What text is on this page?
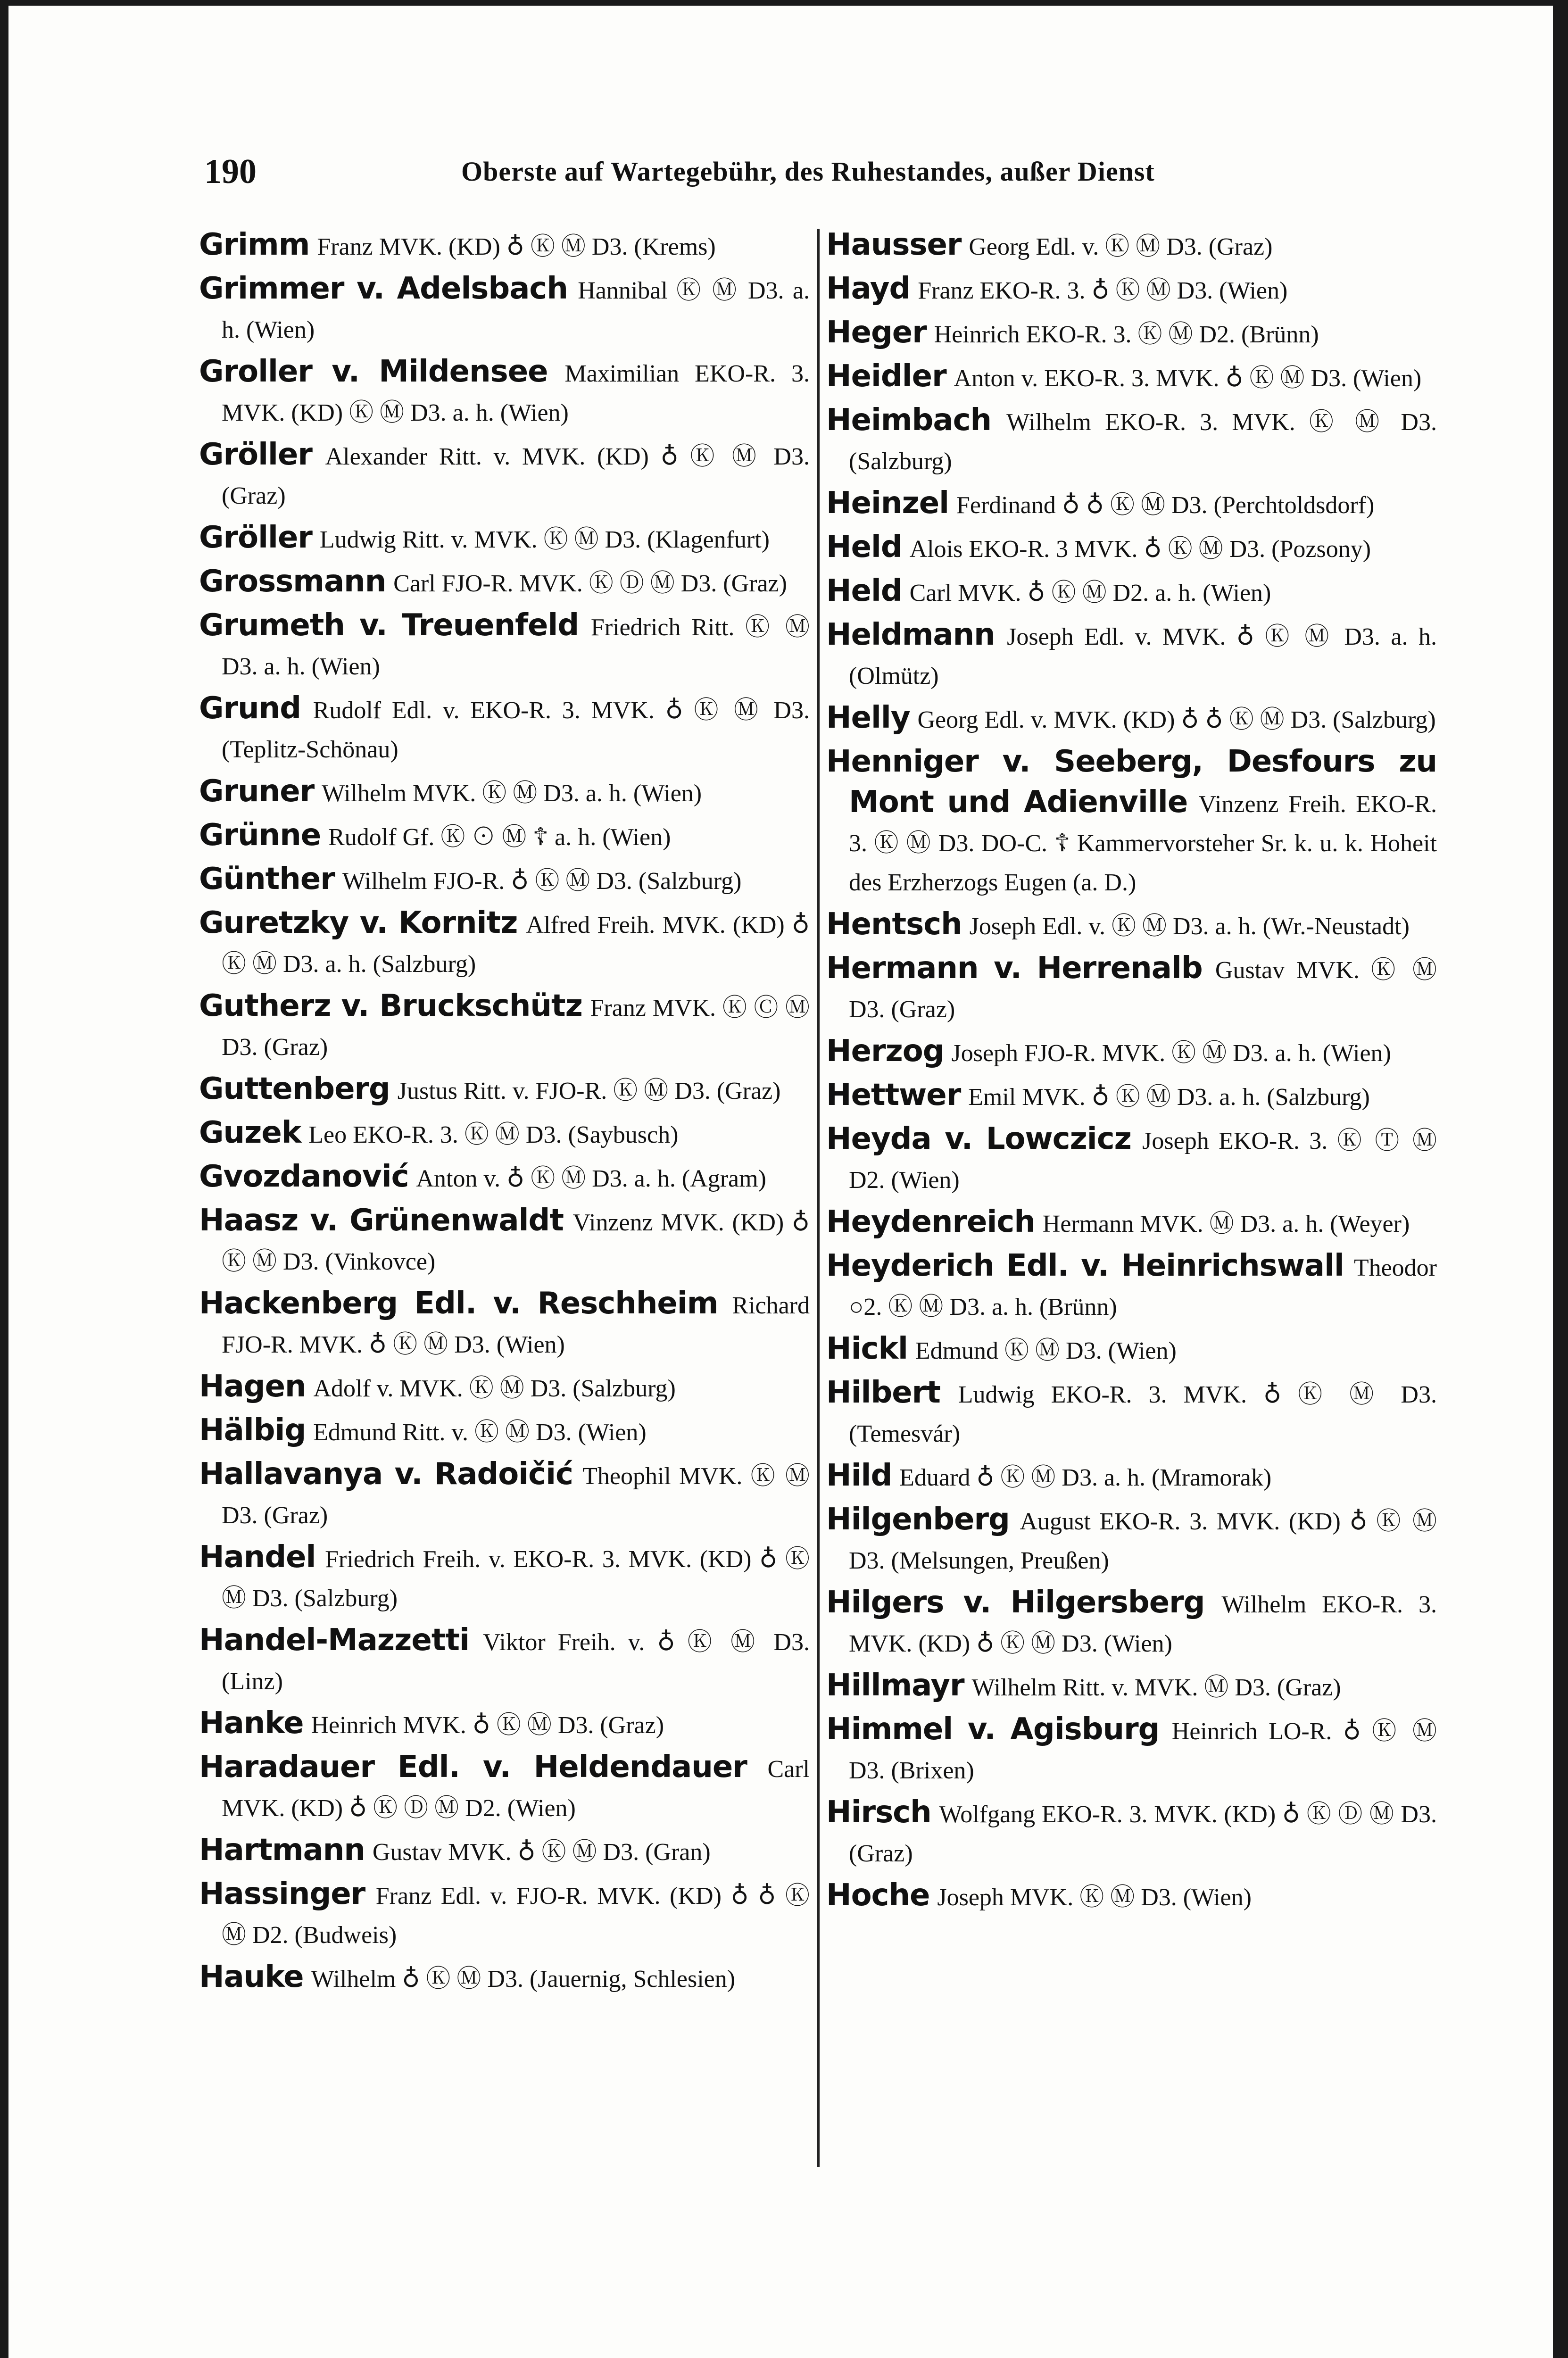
190	Oberste auf Wartegebühr, des Ruhestandes, außer Dienst
Grimm Franz MVK. (KD) ♁ Ⓚ Ⓜ D3. (Krems)
Grimmer v. Adelsbach Hannibal Ⓚ Ⓜ D3. a. h. (Wien)
Groller v. Mildensee Maximilian EKO-R. 3. MVK. (KD) Ⓚ Ⓜ D3. a. h. (Wien)
Gröller Alexander Ritt. v. MVK. (KD) ♁ Ⓚ Ⓜ D3. (Graz)
Gröller Ludwig Ritt. v. MVK. Ⓚ Ⓜ D3. (Klagenfurt)
Grossmann Carl FJO-R. MVK. Ⓚ Ⓓ Ⓜ D3. (Graz)
Grumeth v. Treuenfeld Friedrich Ritt. Ⓚ Ⓜ D3. a. h. (Wien)
Grund Rudolf Edl. v. EKO-R. 3. MVK. ♁ Ⓚ Ⓜ D3. (Teplitz-Schönau)
Gruner Wilhelm MVK. Ⓚ Ⓜ D3. a. h. (Wien)
Grünne Rudolf Gf. Ⓚ ⊙ Ⓜ ☦ a. h. (Wien)
Günther Wilhelm FJO-R. ♁ Ⓚ Ⓜ D3. (Salzburg)
Guretzky v. Kornitz Alfred Freih. MVK. (KD) ♁ Ⓚ Ⓜ D3. a. h. (Salzburg)
Gutherz v. Bruckschütz Franz MVK. Ⓚ Ⓒ Ⓜ D3. (Graz)
Guttenberg Justus Ritt. v. FJO-R. Ⓚ Ⓜ D3. (Graz)
Guzek Leo EKO-R. 3. Ⓚ Ⓜ D3. (Saybusch)
Gvozdanović Anton v. ♁ Ⓚ Ⓜ D3. a. h. (Agram)
Haasz v. Grünenwaldt Vinzenz MVK. (KD) ♁ Ⓚ Ⓜ D3. (Vinkovce)
Hackenberg Edl. v. Reschheim Richard FJO-R. MVK. ♁ Ⓚ Ⓜ D3. (Wien)
Hagen Adolf v. MVK. Ⓚ Ⓜ D3. (Salzburg)
Hälbig Edmund Ritt. v. Ⓚ Ⓜ D3. (Wien)
Hallavanya v. Radoičić Theophil MVK. Ⓚ Ⓜ D3. (Graz)
Handel Friedrich Freih. v. EKO-R. 3. MVK. (KD) ♁ Ⓚ Ⓜ D3. (Salzburg)
Handel-Mazzetti Viktor Freih. v. ♁ Ⓚ Ⓜ D3. (Linz)
Hanke Heinrich MVK. ♁ Ⓚ Ⓜ D3. (Graz)
Haradauer Edl. v. Heldendauer Carl MVK. (KD) ♁ Ⓚ Ⓓ Ⓜ D2. (Wien)
Hartmann Gustav MVK. ♁ Ⓚ Ⓜ D3. (Gran)
Hassinger Franz Edl. v. FJO-R. MVK. (KD) ♁ ♁ Ⓚ Ⓜ D2. (Budweis)
Hauke Wilhelm ♁ Ⓚ Ⓜ D3. (Jauernig, Schlesien)
Hausser Georg Edl. v. Ⓚ Ⓜ D3. (Graz)
Hayd Franz EKO-R. 3. ♁ Ⓚ Ⓜ D3. (Wien)
Heger Heinrich EKO-R. 3. Ⓚ Ⓜ D2. (Brünn)
Heidler Anton v. EKO-R. 3. MVK. ♁ Ⓚ Ⓜ D3. (Wien)
Heimbach Wilhelm EKO-R. 3. MVK. Ⓚ Ⓜ D3. (Salzburg)
Heinzel Ferdinand ♁ ♁ Ⓚ Ⓜ D3. (Perchtoldsdorf)
Held Alois EKO-R. 3 MVK. ♁ Ⓚ Ⓜ D3. (Pozsony)
Held Carl MVK. ♁ Ⓚ Ⓜ D2. a. h. (Wien)
Heldmann Joseph Edl. v. MVK. ♁ Ⓚ Ⓜ D3. a. h. (Olmütz)
Helly Georg Edl. v. MVK. (KD) ♁ ♁ Ⓚ Ⓜ D3. (Salzburg)
Henniger v. Seeberg, Desfours zu Mont und Adienville Vinzenz Freih. EKO-R. 3. Ⓚ Ⓜ D3. DO-C. ☦ Kammervorsteher Sr. k. u. k. Hoheit des Erzherzogs Eugen (a. D.)
Hentsch Joseph Edl. v. Ⓚ Ⓜ D3. a. h. (Wr.-Neustadt)
Hermann v. Herrenalb Gustav MVK. Ⓚ Ⓜ D3. (Graz)
Herzog Joseph FJO-R. MVK. Ⓚ Ⓜ D3. a. h. (Wien)
Hettwer Emil MVK. ♁ Ⓚ Ⓜ D3. a. h. (Salzburg)
Heyda v. Lowczicz Joseph EKO-R. 3. Ⓚ Ⓣ Ⓜ D2. (Wien)
Heydenreich Hermann MVK. Ⓜ D3. a. h. (Weyer)
Heyderich Edl. v. Heinrichswall Theodor ○2. Ⓚ Ⓜ D3. a. h. (Brünn)
Hickl Edmund Ⓚ Ⓜ D3. (Wien)
Hilbert Ludwig EKO-R. 3. MVK. ♁ Ⓚ Ⓜ D3. (Temesvár)
Hild Eduard ♁ Ⓚ Ⓜ D3. a. h. (Mramorak)
Hilgenberg August EKO-R. 3. MVK. (KD) ♁ Ⓚ Ⓜ D3. (Melsungen, Preußen)
Hilgers v. Hilgersberg Wilhelm EKO-R. 3. MVK. (KD) ♁ Ⓚ Ⓜ D3. (Wien)
Hillmayr Wilhelm Ritt. v. MVK. Ⓜ D3. (Graz)
Himmel v. Agisburg Heinrich LO-R. ♁ Ⓚ Ⓜ D3. (Brixen)
Hirsch Wolfgang EKO-R. 3. MVK. (KD) ♁ Ⓚ Ⓓ Ⓜ D3. (Graz)
Hoche Joseph MVK. Ⓚ Ⓜ D3. (Wien)
